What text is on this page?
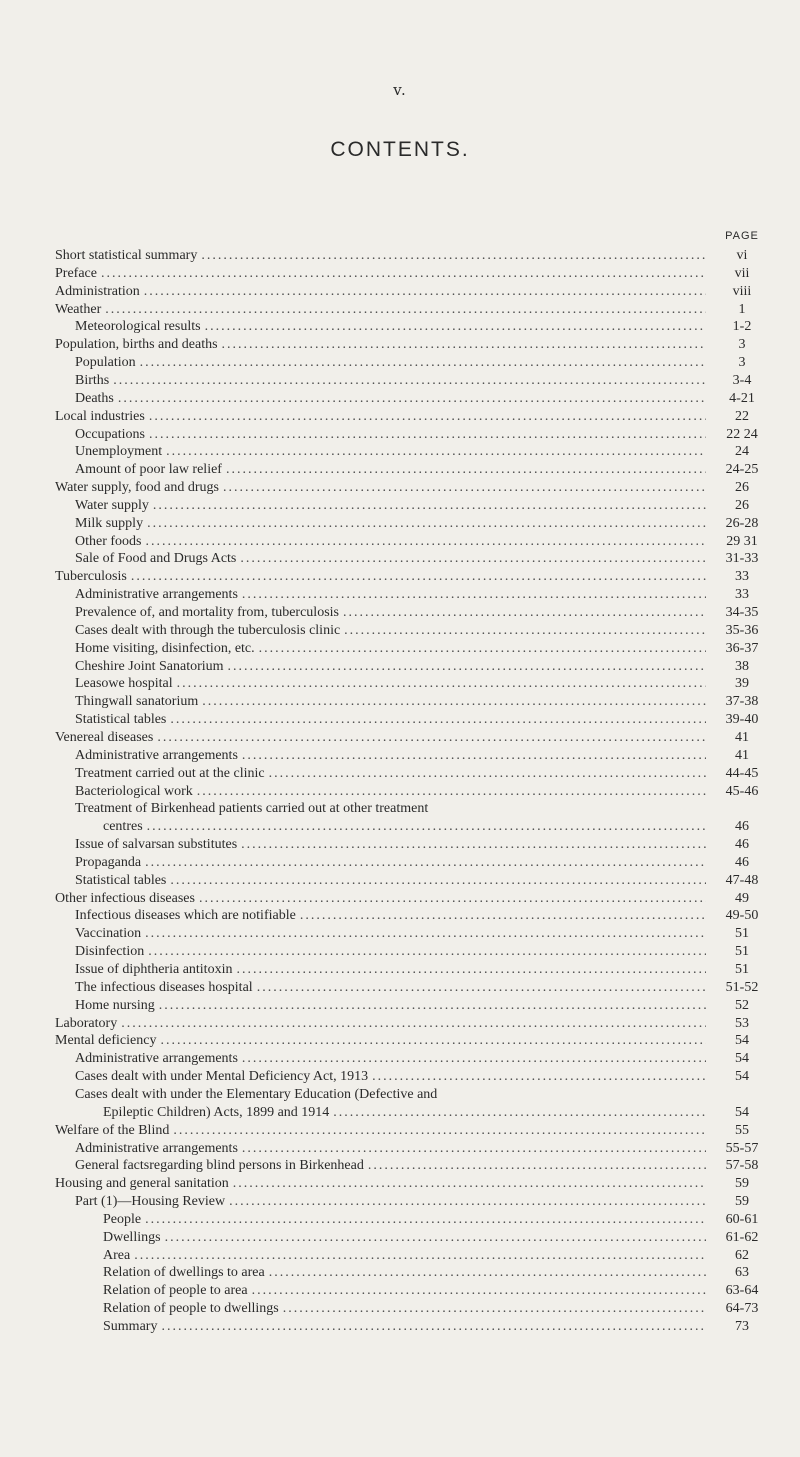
v.
CONTENTS.
PAGE
Short statistical summary .....	vi
Preface .....	vii
Administration .....	viii
Weather .....	1
Meteorological results .....	1-2
Population, births and deaths .....	3
Population .....	3
Births .....	3-4
Deaths .....	4-21
Local industries .....	22
Occupations .....	22 24
Unemployment .....	24
Amount of poor law relief .....	24-25
Water supply, food and drugs .....	26
Water supply .....	26
Milk supply .....	26-28
Other foods .....	29 31
Sale of Food and Drugs Acts .....	31-33
Tuberculosis .....	33
Administrative arrangements .....	33
Prevalence of, and mortality from, tuberculosis .....	34-35
Cases dealt with through the tuberculosis clinic .....	35-36
Home visiting, disinfection, etc. .....	36-37
Cheshire Joint Sanatorium .....	38
Leasowe hospital .....	39
Thingwall sanatorium .....	37-38
Statistical tables .....	39-40
Venereal diseases .....	41
Administrative arrangements .....	41
Treatment carried out at the clinic .....	44-45
Bacteriological work .....	45-46
Treatment of Birkenhead patients carried out at other treatment
centres .....	46
Issue of salvarsan substitutes .....	46
Propaganda .....	46
Statistical tables .....	47-48
Other infectious diseases .....	49
Infectious diseases which are notifiable .....	49-50
Vaccination .....	51
Disinfection .....	51
Issue of diphtheria antitoxin .....	51
The infectious diseases hospital .....	51-52
Home nursing .....	52
Laboratory .....	53
Mental deficiency .....	54
Administrative arrangements .....	54
Cases dealt with under Mental Deficiency Act, 1913 .....	54
Cases dealt with under the Elementary Education (Defective and
Epileptic Children) Acts, 1899 and 1914 .....	54
Welfare of the Blind .....	55
Administrative arrangements .....	55-57
General factsregarding blind persons in Birkenhead .....	57-58
Housing and general sanitation .....	59
Part (1)—Housing Review .....	59
People .....	60-61
Dwellings .....	61-62
Area .....	62
Relation of dwellings to area .....	63
Relation of people to area .....	63-64
Relation of people to dwellings .....	64-73
Summary .....	73
